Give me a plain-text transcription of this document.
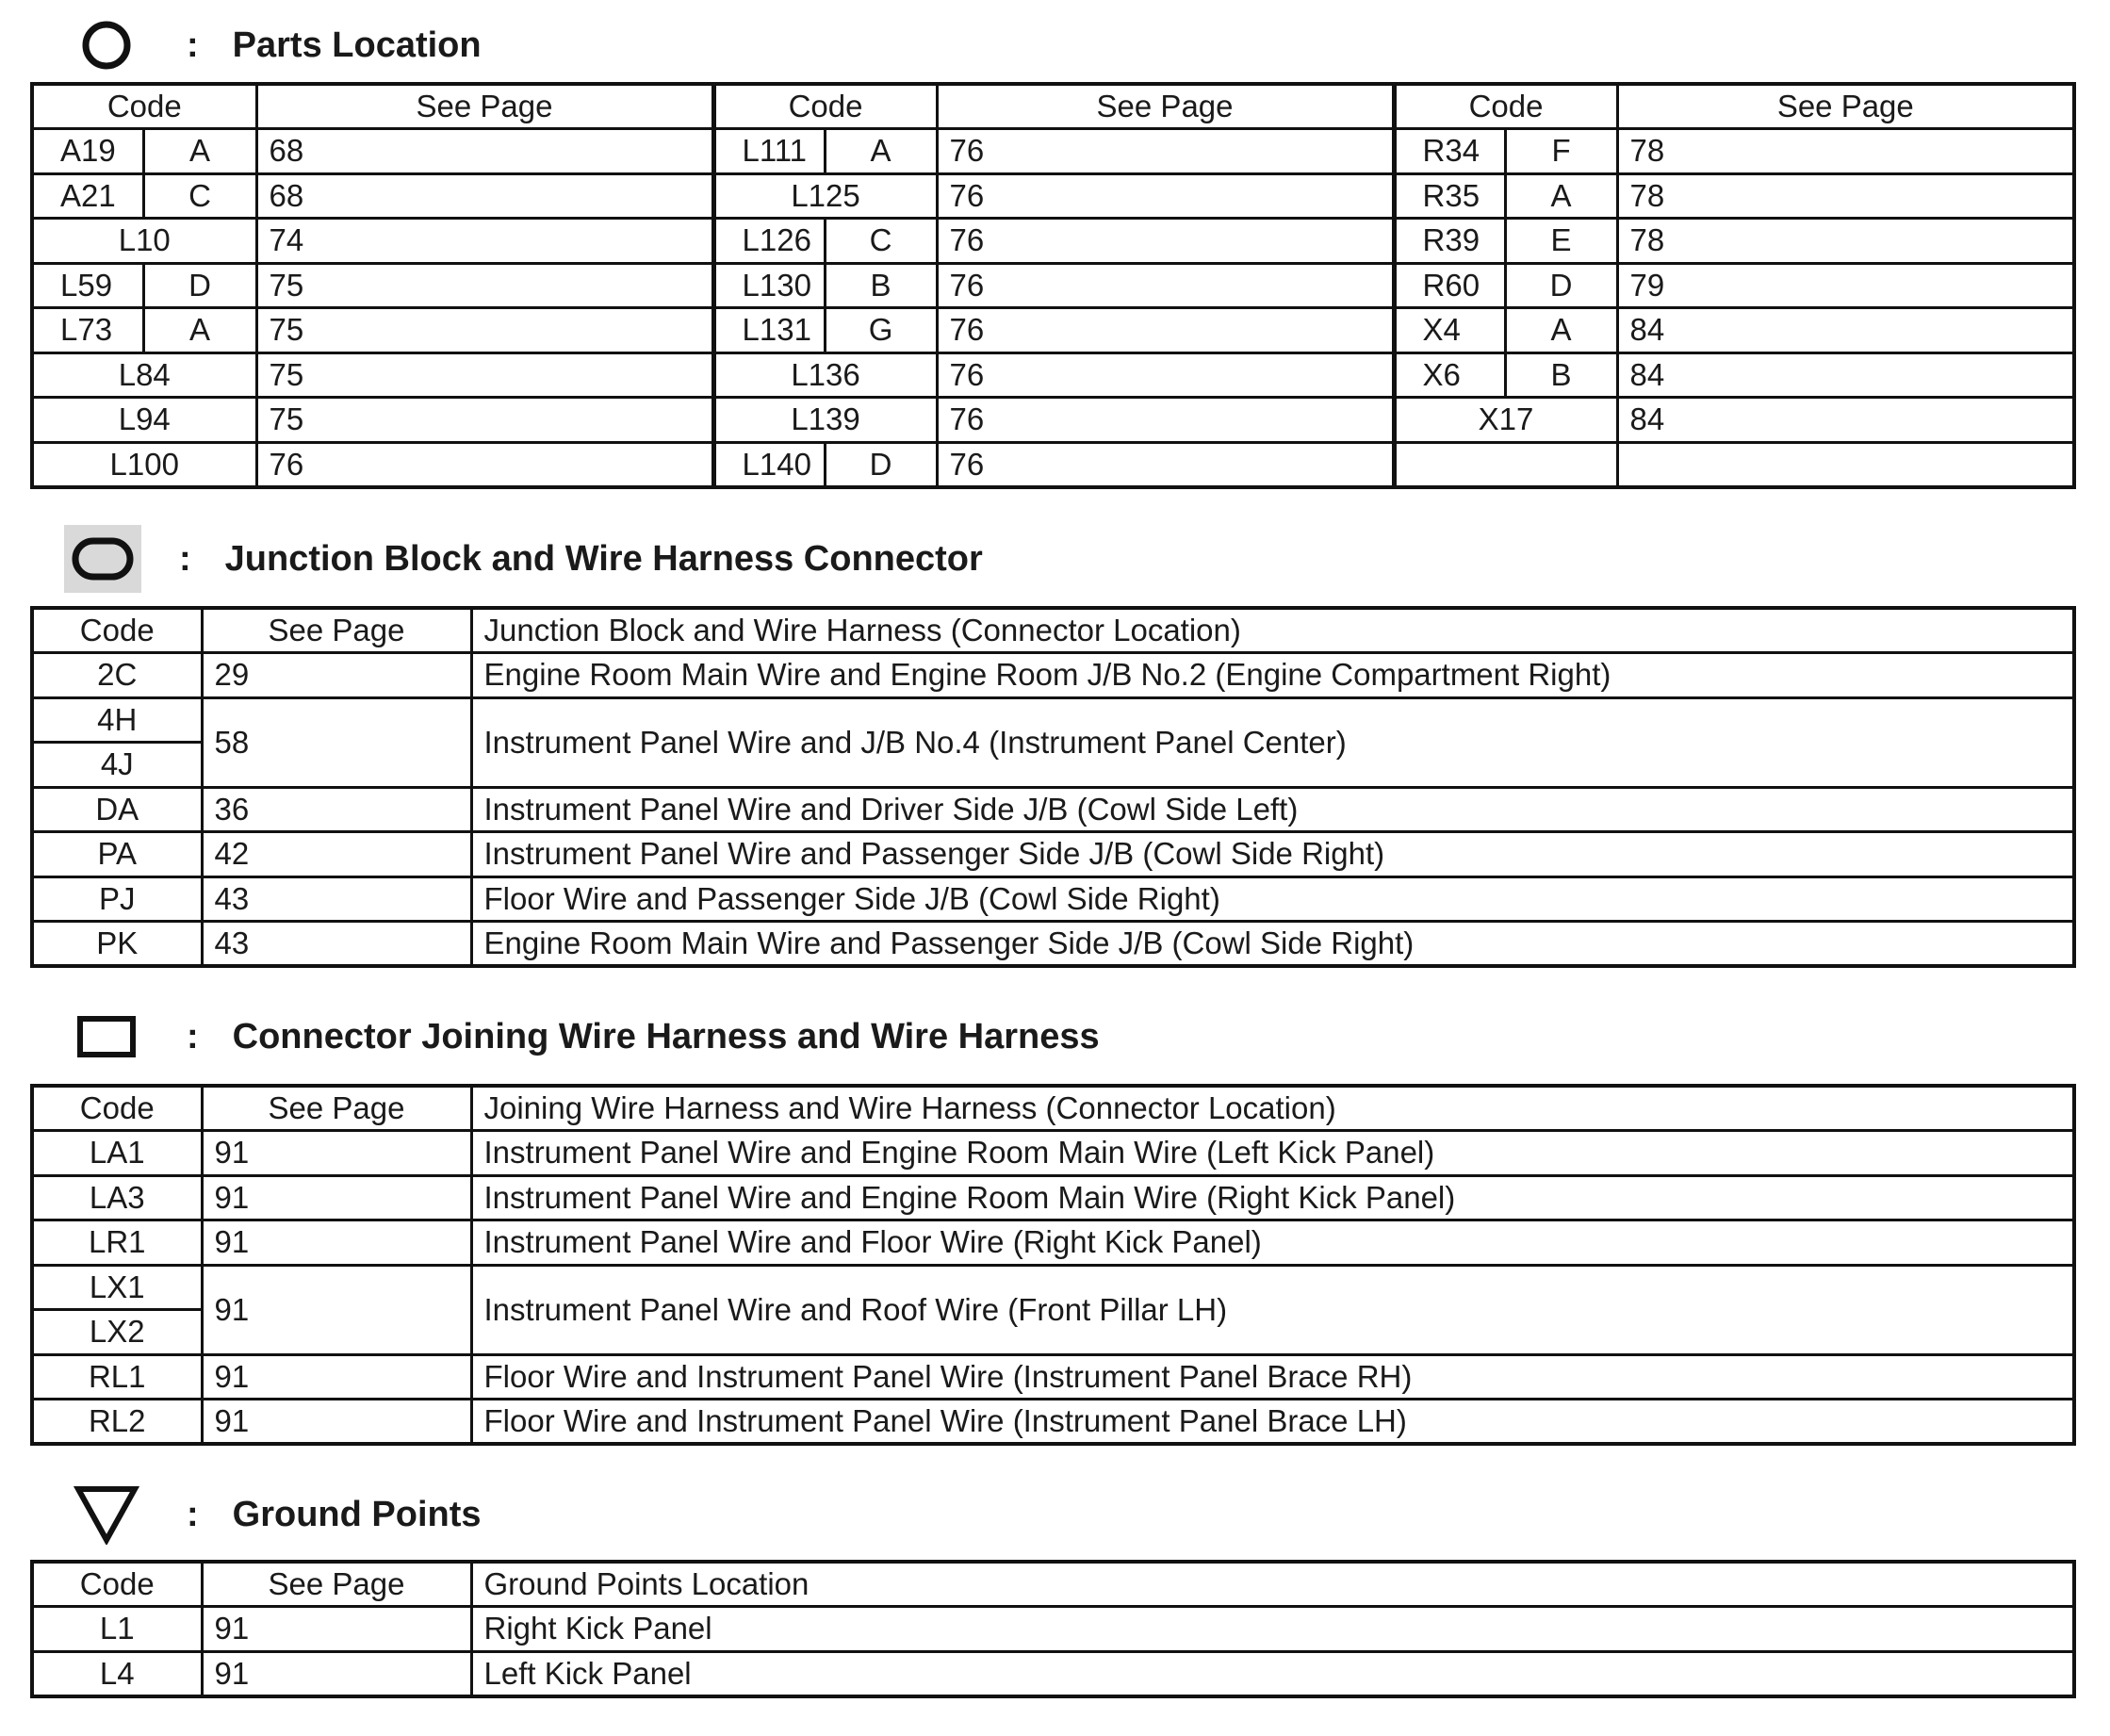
: Parts Location
Code		See Page	Code		See Page	Code		See Page
A19	A	68	L111	A	76	R34	F	78
A21	C	68	L125		76	R35	A	78
L10		74	L126	C	76	R39	E	78
L59	D	75	L130	B	76	R60	D	79
L73	A	75	L131	G	76	X4	A	84
L84		75	L136		76	X6	B	84
L94		75	L139		76	X17		84
L100		76	L140	D	76			
: Junction Block and Wire Harness Connector
Code	See Page	Junction Block and Wire Harness (Connector Location)
2C	29	Engine Room Main Wire and Engine Room J/B No.2 (Engine Compartment Right)
4H	58	Instrument Panel Wire and J/B No.4 (Instrument Panel Center)
4J		
DA	36	Instrument Panel Wire and Driver Side J/B (Cowl Side Left)
PA	42	Instrument Panel Wire and Passenger Side J/B (Cowl Side Right)
PJ	43	Floor Wire and Passenger Side J/B (Cowl Side Right)
PK	43	Engine Room Main Wire and Passenger Side J/B (Cowl Side Right)
: Connector Joining Wire Harness and Wire Harness
Code	See Page	Joining Wire Harness and Wire Harness (Connector Location)
LA1	91	Instrument Panel Wire and Engine Room Main Wire (Left Kick Panel)
LA3	91	Instrument Panel Wire and Engine Room Main Wire (Right Kick Panel)
LR1	91	Instrument Panel Wire and Floor Wire (Right Kick Panel)
LX1	91	Instrument Panel Wire and Roof Wire (Front Pillar LH)
LX2		
RL1	91	Floor Wire and Instrument Panel Wire (Instrument Panel Brace RH)
RL2	91	Floor Wire and Instrument Panel Wire (Instrument Panel Brace LH)
: Ground Points
Code	See Page	Ground Points Location
L1	91	Right Kick Panel
L4	91	Left Kick Panel
